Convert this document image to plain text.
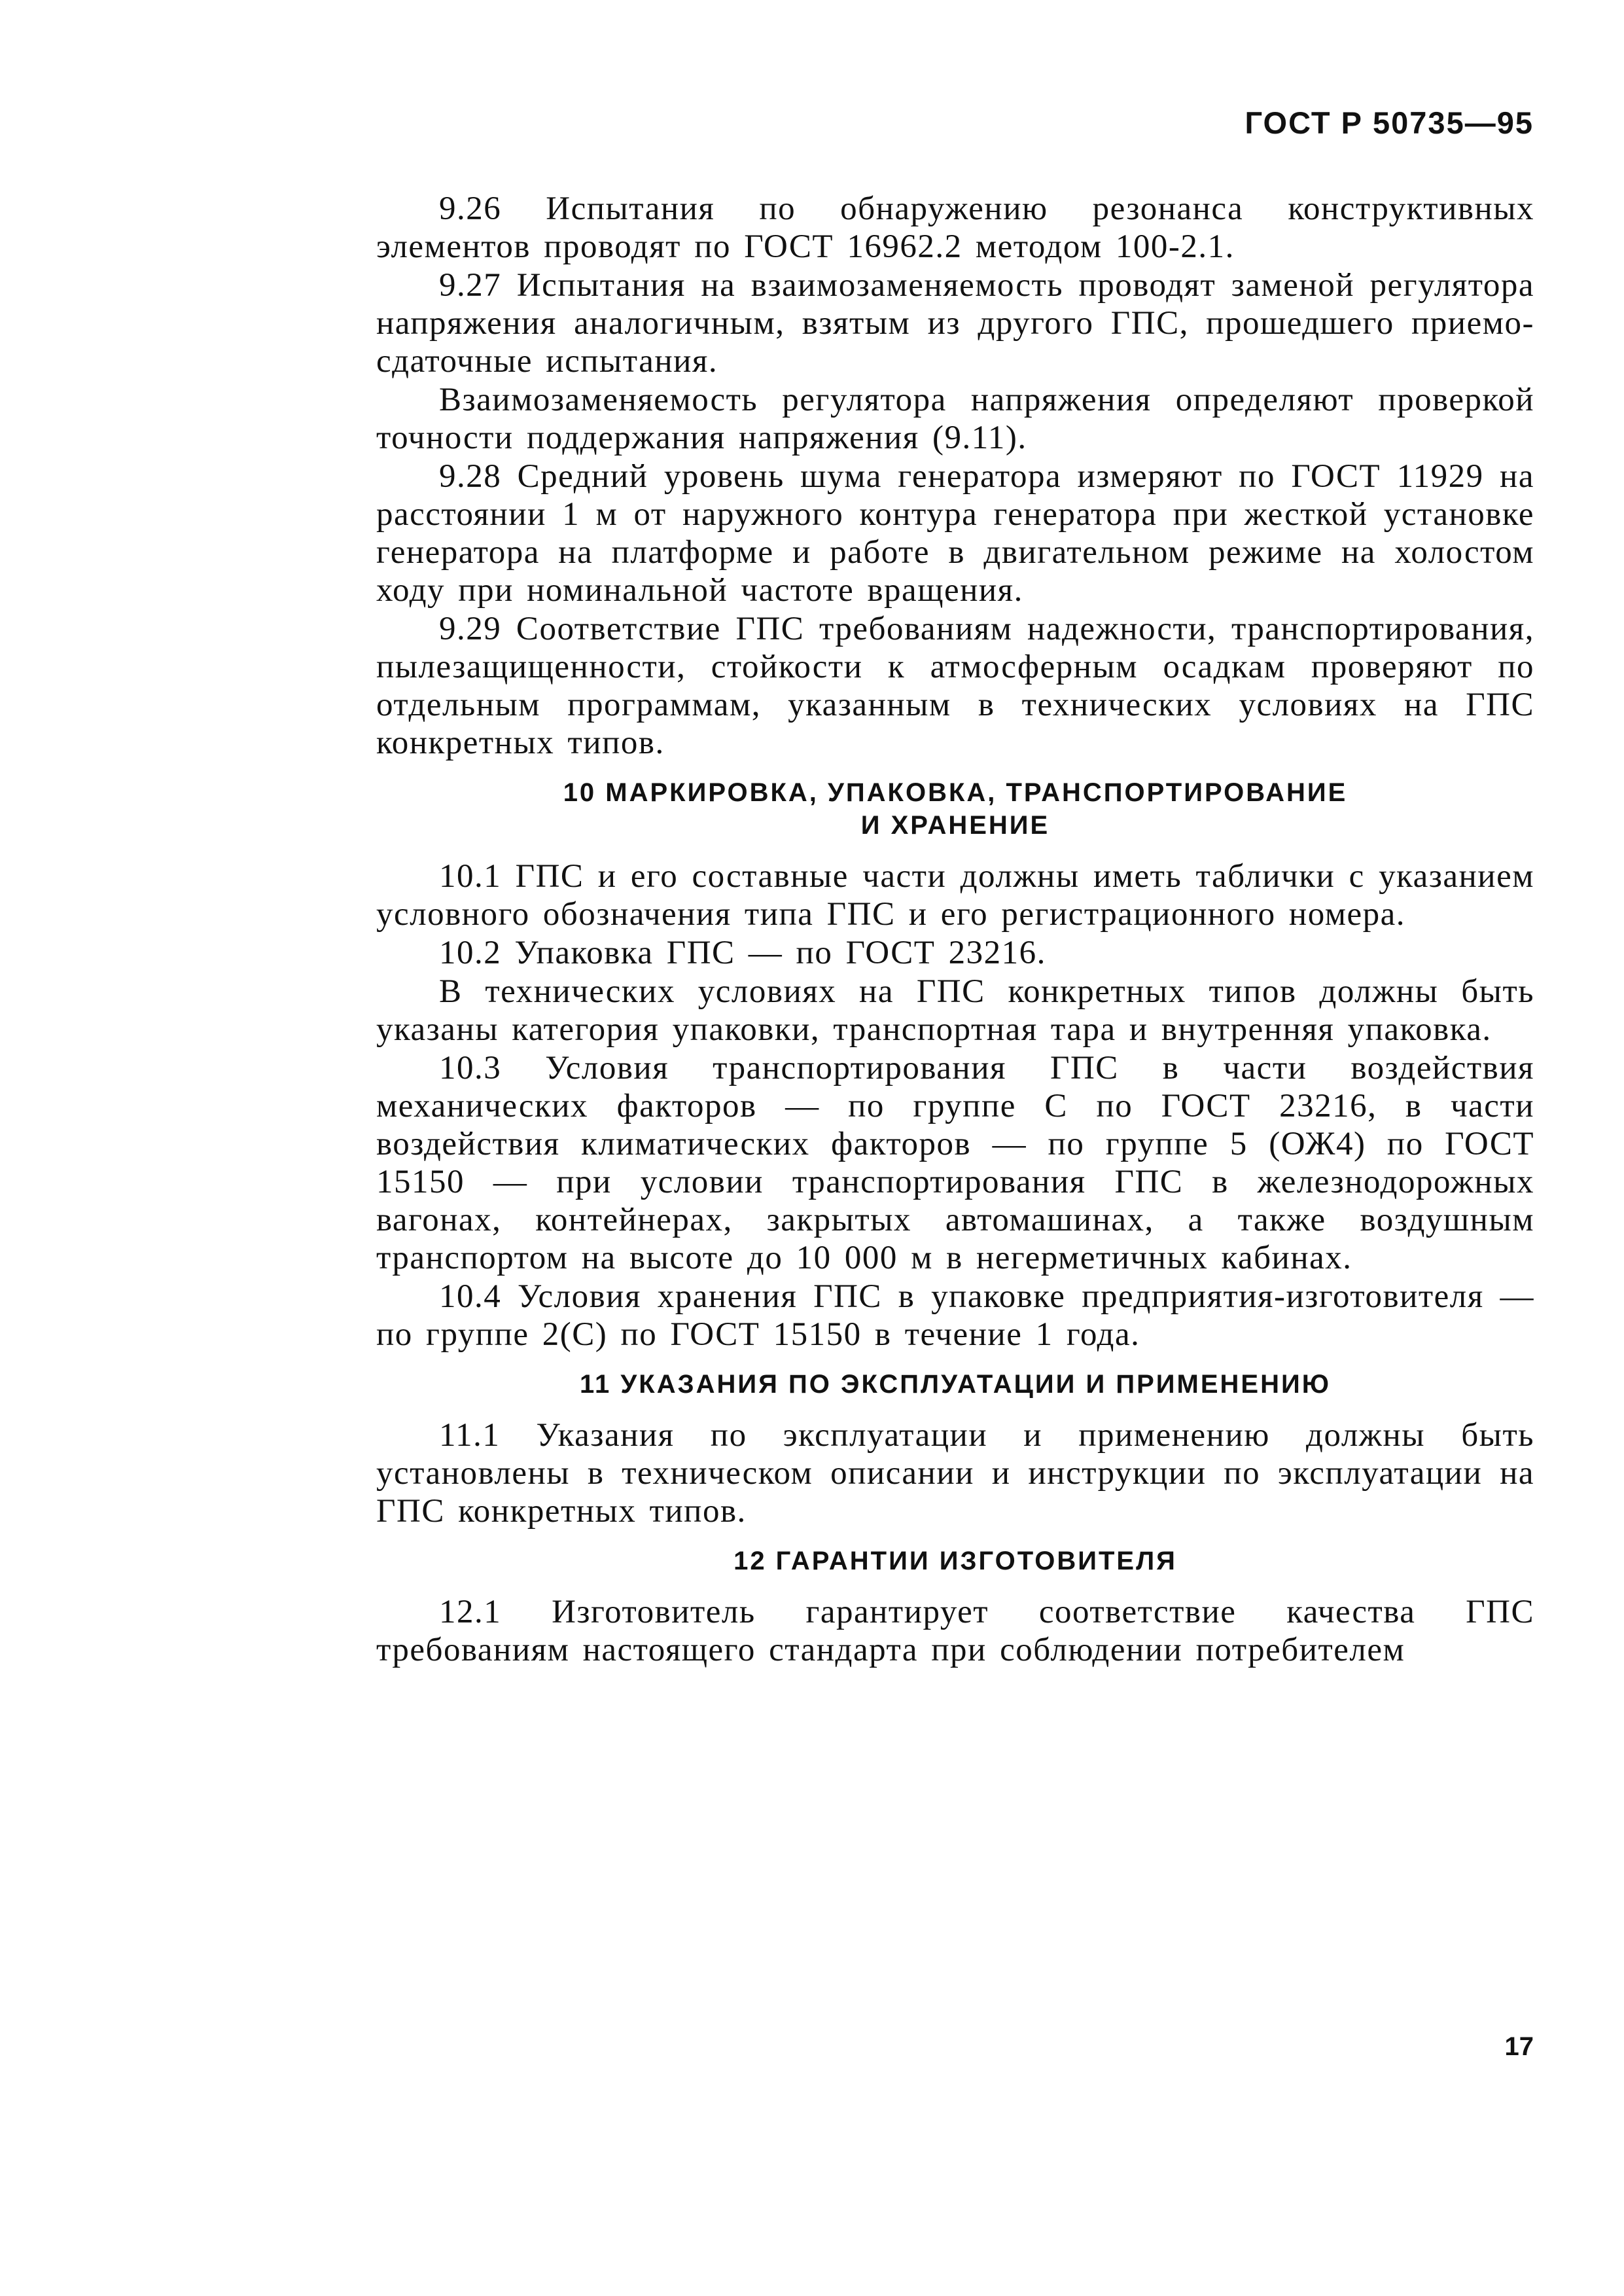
ГОСТ Р 50735—95

9.26 Испытания по обнаружению резонанса конструктивных элементов проводят по ГОСТ 16962.2 методом 100-2.1.

9.27 Испытания на взаимозаменяемость проводят заменой регулятора напряжения аналогичным, взятым из другого ГПС, прошедшего приемо-сдаточные испытания.

Взаимозаменяемость регулятора напряжения определяют проверкой точности поддержания напряжения (9.11).

9.28 Средний уровень шума генератора измеряют по ГОСТ 11929 на расстоянии 1 м от наружного контура генератора при жесткой установке генератора на платформе и работе в двигательном режиме на холостом ходу при номинальной частоте вращения.

9.29 Соответствие ГПС требованиям надежности, транспортирования, пылезащищенности, стойкости к атмосферным осадкам проверяют по отдельным программам, указанным в технических условиях на ГПС конкретных типов.

10 МАРКИРОВКА, УПАКОВКА, ТРАНСПОРТИРОВАНИЕ
И ХРАНЕНИЕ

10.1 ГПС и его составные части должны иметь таблички с указанием условного обозначения типа ГПС и его регистрационного номера.

10.2 Упаковка ГПС — по ГОСТ 23216.

В технических условиях на ГПС конкретных типов должны быть указаны категория упаковки, транспортная тара и внутренняя упаковка.

10.3 Условия транспортирования ГПС в части воздействия механических факторов — по группе С по ГОСТ 23216, в части воздействия климатических факторов — по группе 5 (ОЖ4) по ГОСТ 15150 — при условии транспортирования ГПС в железнодорожных вагонах, контейнерах, закрытых автомашинах, а также воздушным транспортом на высоте до 10 000 м в негерметичных кабинах.

10.4 Условия хранения ГПС в упаковке предприятия-изготовителя — по группе 2(С) по ГОСТ 15150 в течение 1 года.

11 УКАЗАНИЯ ПО ЭКСПЛУАТАЦИИ И ПРИМЕНЕНИЮ

11.1 Указания по эксплуатации и применению должны быть установлены в техническом описании и инструкции по эксплуатации на ГПС конкретных типов.

12 ГАРАНТИИ ИЗГОТОВИТЕЛЯ

12.1 Изготовитель гарантирует соответствие качества ГПС требованиям настоящего стандарта при соблюдении потребителем

17
